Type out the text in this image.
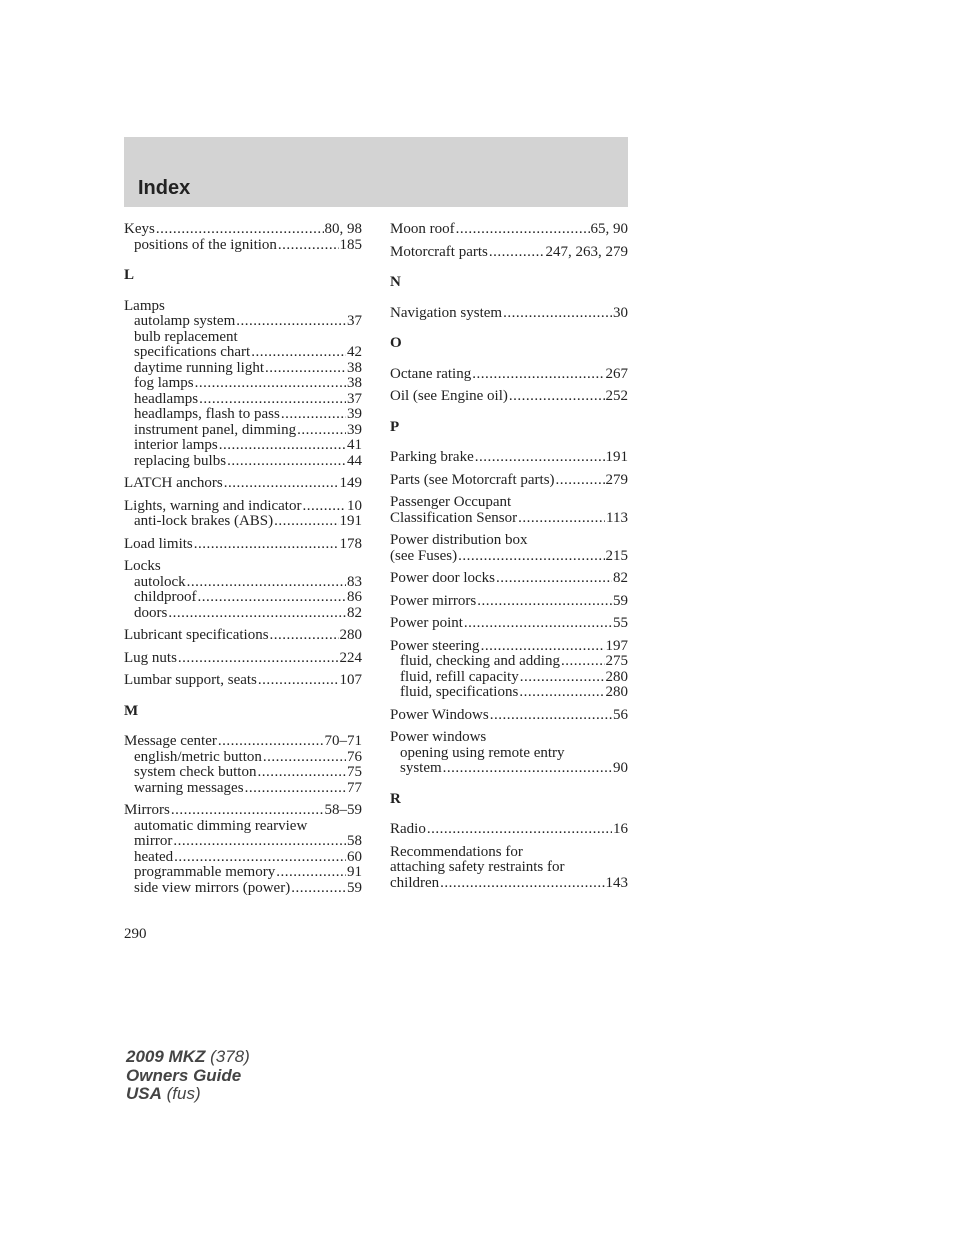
Index
Keys .....	80, 98
positions of the ignition .....	185
L
Lamps
autolamp system .....	37
bulb replacement
specifications chart .....	42
daytime running light .....	38
fog lamps .....	38
headlamps .....	37
headlamps, flash to pass .....	39
instrument panel, dimming .....	39
interior lamps .....	41
replacing bulbs .....	44
LATCH anchors .....	149
Lights, warning and indicator .....	10
anti-lock brakes (ABS) .....	191
Load limits .....	178
Locks
autolock .....	83
childproof .....	86
doors .....	82
Lubricant specifications .....	280
Lug nuts .....	224
Lumbar support, seats .....	107
M
Message center .....	70–71
english/metric button .....	76
system check button .....	75
warning messages .....	77
Mirrors .....	58–59
automatic dimming rearview
mirror .....	58
heated .....	60
programmable memory .....	91
side view mirrors (power) .....	59
Moon roof .....	65, 90
Motorcraft parts .....	247, 263, 279
N
Navigation system .....	30
O
Octane rating .....	267
Oil (see Engine oil) .....	252
P
Parking brake .....	191
Parts (see Motorcraft parts) .....	279
Passenger Occupant
Classification Sensor .....	113
Power distribution box
(see Fuses) .....	215
Power door locks .....	82
Power mirrors .....	59
Power point .....	55
Power steering .....	197
fluid, checking and adding .....	275
fluid, refill capacity .....	280
fluid, specifications .....	280
Power Windows .....	56
Power windows
opening using remote entry
system .....	90
R
Radio .....	16
Recommendations for
attaching safety restraints for
children .....	143
290
2009 MKZ (378)
Owners Guide
USA (fus)
